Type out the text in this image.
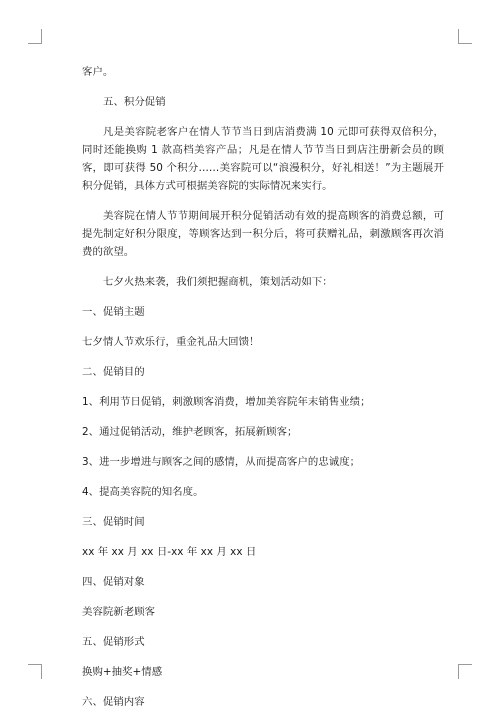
客户。

五、积分促销

凡是美容院老客户在情人节节当日到店消费满 10 元即可获得双倍积分，同时还能换购 1 款高档美容产品；凡是在情人节节当日到店注册新会员的顾客，即可获得 50 个积分……美容院可以“浪漫积分，好礼相送！”为主题展开积分促销，具体方式可根据美容院的实际情况来实行。

美容院在情人节节期间展开积分促销活动有效的提高顾客的消费总额，可提先制定好积分限度，等顾客达到一积分后，将可获赠礼品，刺激顾客再次消费的欲望。

七夕火热来袭，我们须把握商机，策划活动如下：

一、促销主题

七夕情人节欢乐行，重金礼品大回馈！

二、促销目的

1、利用节日促销，刺激顾客消费，增加美容院年末销售业绩；

2、通过促销活动，维护老顾客，拓展新顾客；

3、进一步增进与顾客之间的感情，从而提高客户的忠诚度；

4、提高美容院的知名度。

三、促销时间

xx 年 xx 月 xx 日-xx 年 xx 月 xx 日

四、促销对象

美容院新老顾客

五、促销形式

换购+抽奖+情感

六、促销内容
